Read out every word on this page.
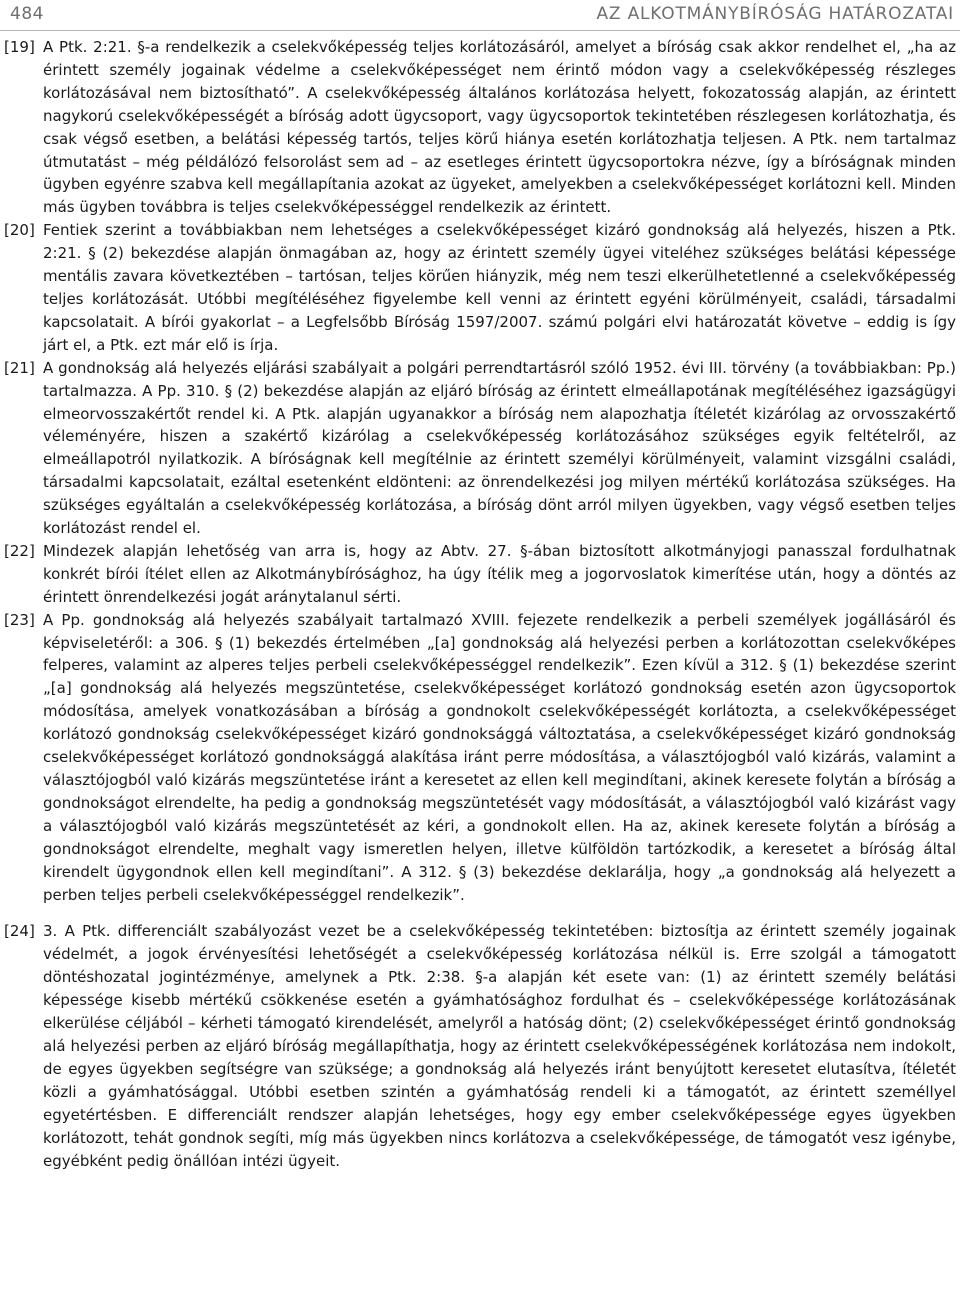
484	AZ ALKOTMÁNYBÍRÓSÁG HATÁROZATAI
[19] A Ptk. 2:21. §-a rendelkezik a cselekvőképesség teljes korlátozásáról, amelyet a bíróság csak akkor rendelhet el, „ha az érintett személy jogainak védelme a cselekvőképességet nem érintő módon vagy a cselekvőképesség részleges korlátozásával nem biztosítható”. A cselekvőképesség általános korlátozása helyett, fokozatosság alapján, az érintett nagykorú cselekvőképességét a bíróság adott ügycsoport, vagy ügycsoportok tekintetében részlegesen korlátozhatja, és csak végső esetben, a belátási képesség tartós, teljes körű hiánya esetén korlátozhatja teljesen. A Ptk. nem tartalmaz útmutatást – még példálózó felsorolást sem ad – az esetleges érintett ügycsoportokra nézve, így a bíróságnak minden ügyben egyénre szabva kell megállapítania azokat az ügyeket, amelyekben a cselekvőképességet korlátozni kell. Minden más ügyben továbbra is teljes cselekvőképességgel rendelkezik az érintett.

[20] Fentiek szerint a továbbiakban nem lehetséges a cselekvőképességet kizáró gondnokság alá helyezés, hiszen a Ptk. 2:21. § (2) bekezdése alapján önmagában az, hogy az érintett személy ügyei viteléhez szükséges belátási képessége mentális zavara következtében – tartósan, teljes körűen hiányzik, még nem teszi elkerülhetetlenné a cselekvőképesség teljes korlátozását. Utóbbi megítéléséhez figyelembe kell venni az érintett egyéni körülményeit, családi, társadalmi kapcsolatait. A bírói gyakorlat – a Legfelsőbb Bíróság 1597/2007. számú polgári elvi határozatát követve – eddig is így járt el, a Ptk. ezt már elő is írja.

[21] A gondnokság alá helyezés eljárási szabályait a polgári perrendtartásról szóló 1952. évi III. törvény (a továbbiakban: Pp.) tartalmazza. A Pp. 310. § (2) bekezdése alapján az eljáró bíróság az érintett elmeállapotának megítéléséhez igazságügyi elmeorvosszakértőt rendel ki. A Ptk. alapján ugyanakkor a bíróság nem alapozhatja ítéletét kizárólag az orvosszakértő véleményére, hiszen a szakértő kizárólag a cselekvőképesség korlátozásához szükséges egyik feltételről, az elmeállapotról nyilatkozik. A bíróságnak kell megítélnie az érintett személyi körülményeit, valamint vizsgálni családi, társadalmi kapcsolatait, ezáltal esetenként eldönteni: az önrendelkezési jog milyen mértékű korlátozása szükséges. Ha szükséges egyáltalán a cselekvőképesség korlátozása, a bíróság dönt arról milyen ügyekben, vagy végső esetben teljes korlátozást rendel el.

[22] Mindezek alapján lehetőség van arra is, hogy az Abtv. 27. §-ában biztosított alkotmányjogi panasszal fordulhatnak konkrét bírói ítélet ellen az Alkotmánybírósághoz, ha úgy ítélik meg a jogorvoslatok kimerítése után, hogy a döntés az érintett önrendelkezési jogát aránytalanul sérti.

[23] A Pp. gondnokság alá helyezés szabályait tartalmazó XVIII. fejezete rendelkezik a perbeli személyek jogállásáról és képviseletéről: a 306. § (1) bekezdés értelmében „[a] gondnokság alá helyezési perben a korlátozottan cselekvőképes felperes, valamint az alperes teljes perbeli cselekvőképességgel rendelkezik”. Ezen kívül a 312. § (1) bekezdése szerint „[a] gondnokság alá helyezés megszüntetése, cselekvőképességet korlátozó gondnokság esetén azon ügycsoportok módosítása, amelyek vonatkozásában a bíróság a gondnokolt cselekvőképességét korlátozta, a cselekvőképességet korlátozó gondnokság cselekvőképességet kizáró gondnoksággá változtatása, a cselekvőképességet kizáró gondnokság cselekvőképességet korlátozó gondnoksággá alakítása iránt perre módosítása, a választójogból való kizárás, valamint a választójogból való kizárás megszüntetése iránt a keresetet az ellen kell megindítani, akinek keresete folytán a bíróság a gondnokságot elrendelte, ha pedig a gondnokság megszüntetését vagy módosítását, a választójogból való kizárást vagy a választójogból való kizárás megszüntetését az kéri, a gondnokolt ellen. Ha az, akinek keresete folytán a bíróság a gondnokságot elrendelte, meghalt vagy ismeretlen helyen, illetve külföldön tartózkodik, a keresetet a bíróság által kirendelt ügygondnok ellen kell megindítani”. A 312. § (3) bekezdése deklarálja, hogy „a gondnokság alá helyezett a perben teljes perbeli cselekvőképességgel rendelkezik”.

[24] 3. A Ptk. differenciált szabályozást vezet be a cselekvőképesség tekintetében: biztosítja az érintett személy jogainak védelmét, a jogok érvényesítési lehetőségét a cselekvőképesség korlátozása nélkül is. Erre szolgál a támogatott döntéshozatal jogintézménye, amelynek a Ptk. 2:38. §-a alapján két esete van: (1) az érintett személy belátási képessége kisebb mértékű csökkenése esetén a gyámhatósághoz fordulhat és – cselekvőképessége korlátozásának elkerülése céljából – kérheti támogató kirendelését, amelyről a hatóság dönt; (2) cselekvőképességet érintő gondnokság alá helyezési perben az eljáró bíróság megállapíthatja, hogy az érintett cselekvőképességének korlátozása nem indokolt, de egyes ügyekben segítségre van szüksége; a gondnokság alá helyezés iránt benyújtott keresetet elutasítva, ítéletét közli a gyámhatósággal. Utóbbi esetben szintén a gyámhatóság rendeli ki a támogatót, az érintett személlyel egyetértésben. E differenciált rendszer alapján lehetséges, hogy egy ember cselekvőképessége egyes ügyekben korlátozott, tehát gondnok segíti, míg más ügyekben nincs korlátozva a cselekvőképessége, de támogatót vesz igénybe, egyébként pedig önállóan intézi ügyeit.
